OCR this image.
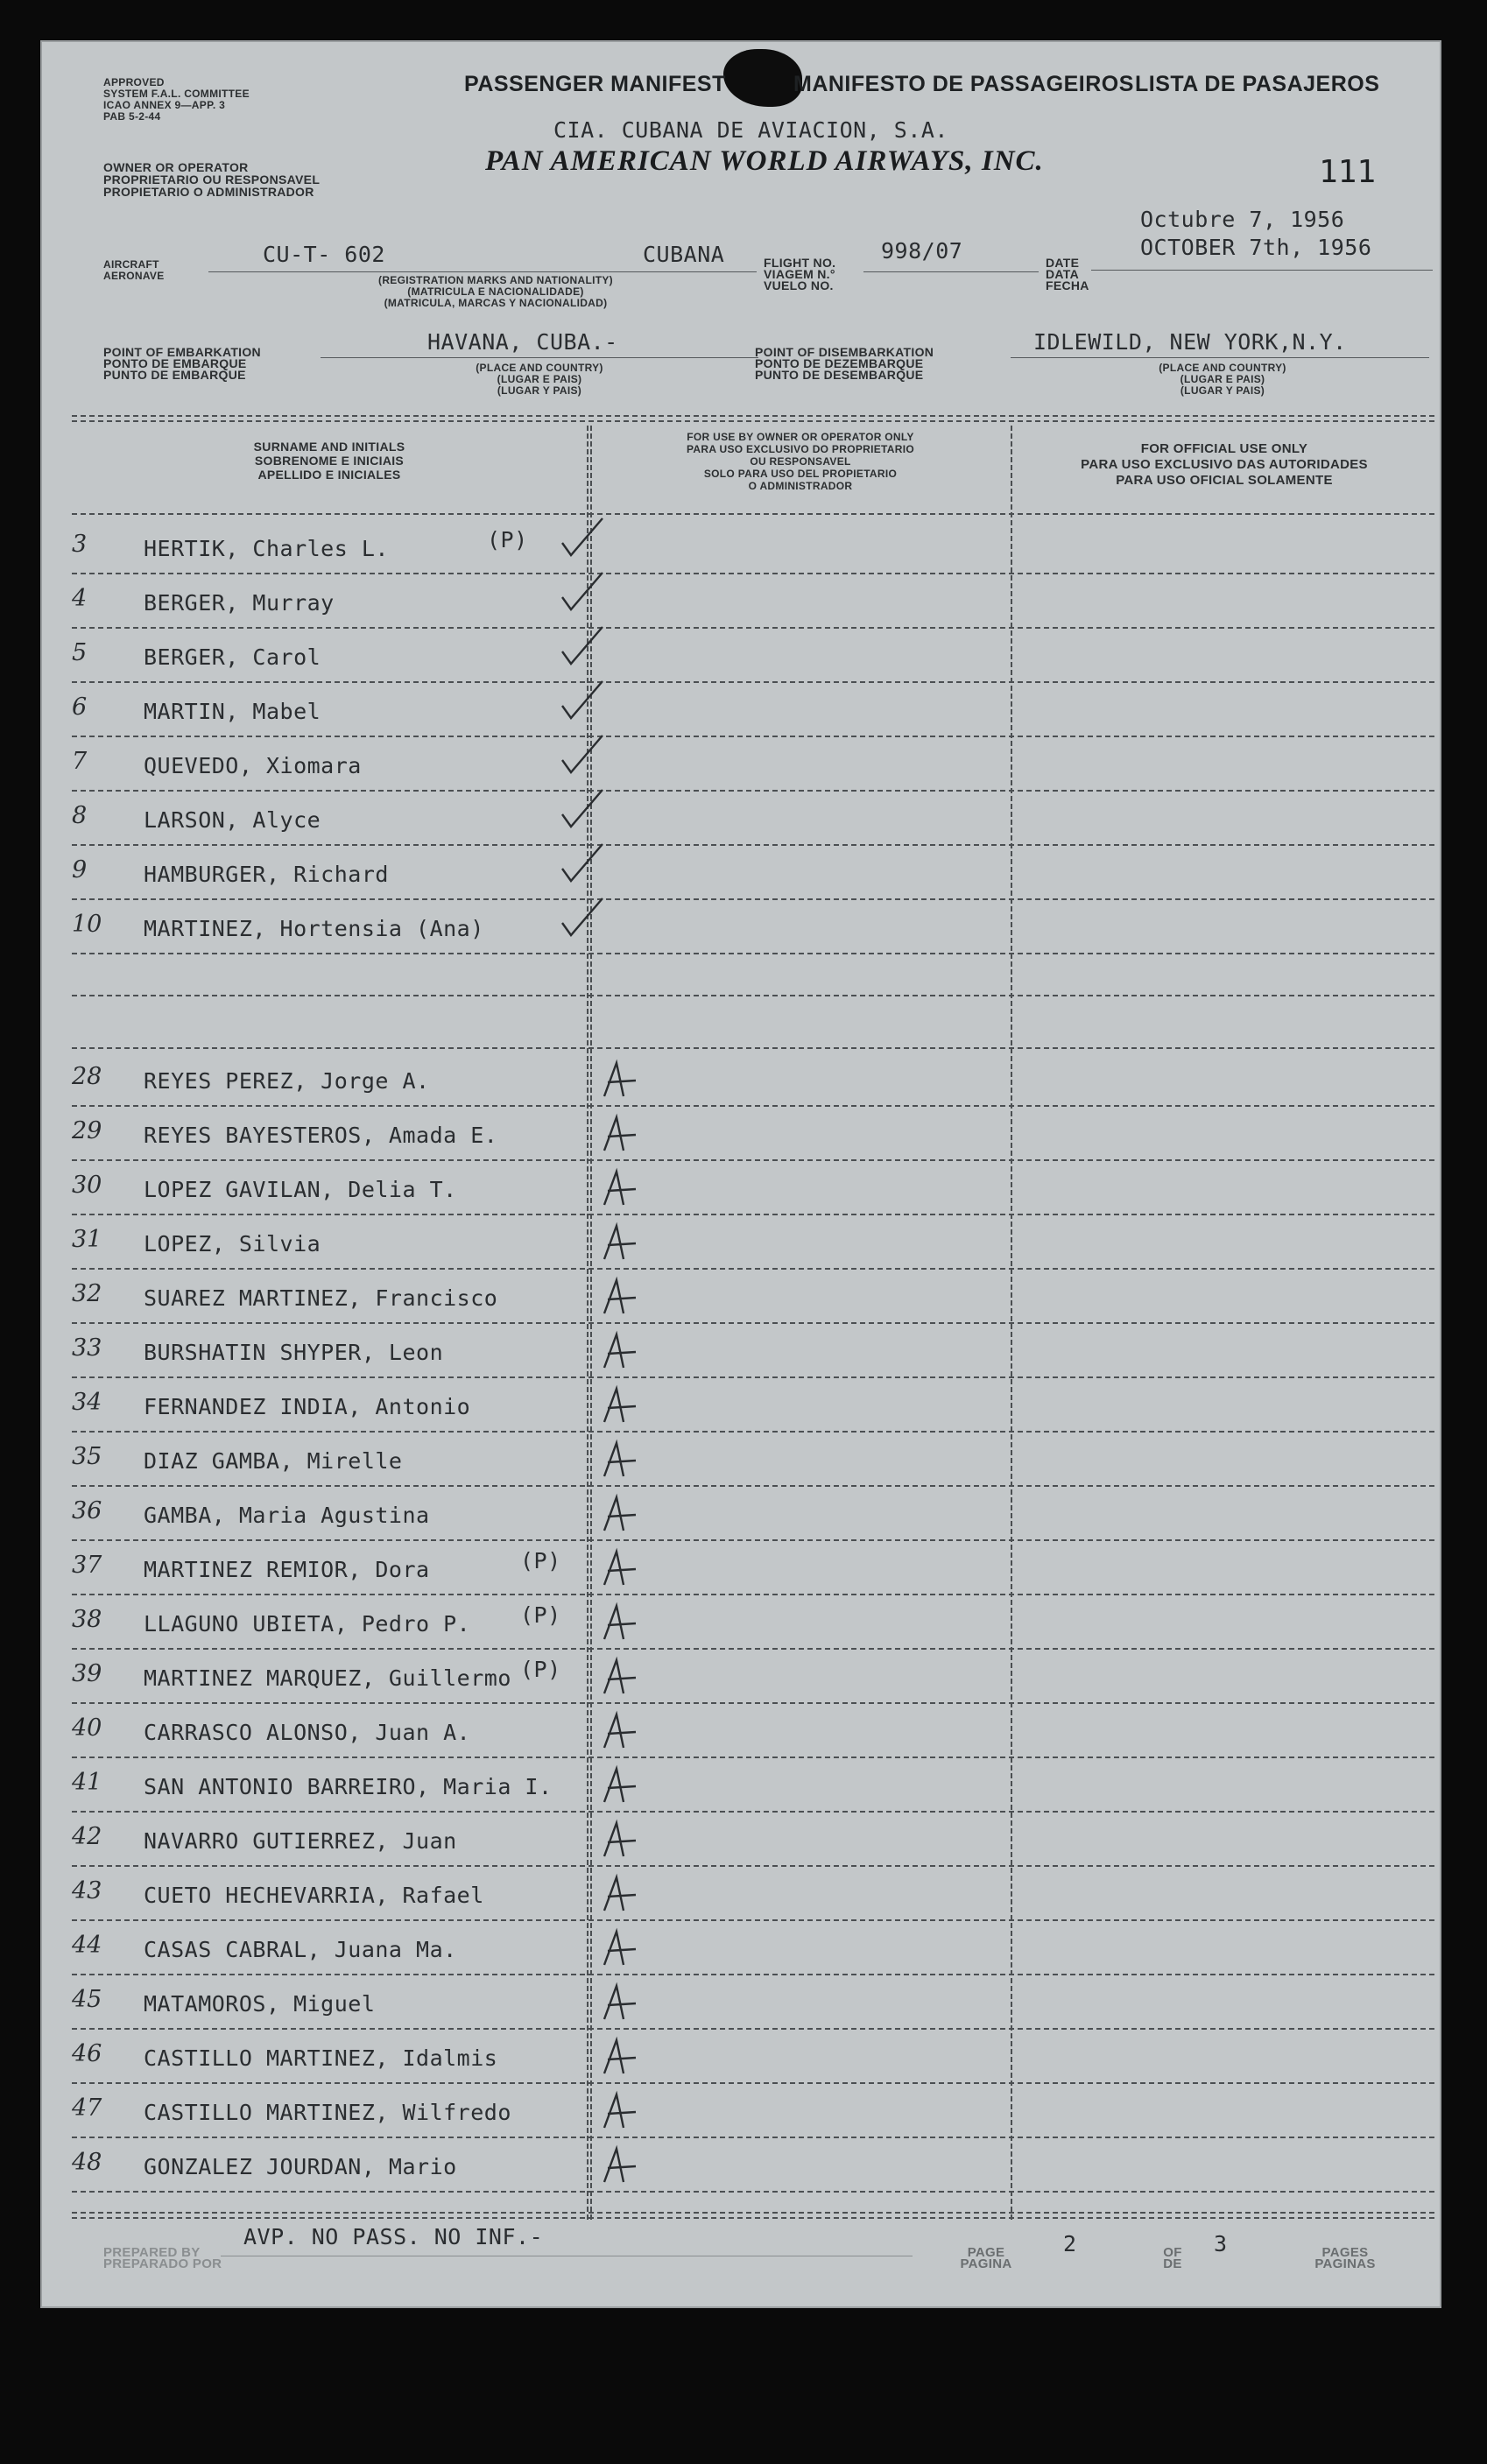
APPROVED
SYSTEM F.A.L. COMMITTEE
ICAO ANNEX 9—APP. 3
PAB 5-2-44
PASSENGER MANIFEST	MANIFESTO DE PASSAGEIROS LISTA DE PASAJEROS
OWNER OR OPERATOR
PROPRIETARIO OU RESPONSAVEL
PROPIETARIO O ADMINISTRADOR
CIA. CUBANA DE AVIACION, S.A.
PAN AMERICAN WORLD AIRWAYS, INC.	111
Octubre 7, 1956
OCTOBER 7th, 1956
AIRCRAFT
AERONAVE
CU-T- 602	CUBANA
(REGISTRATION MARKS AND NATIONALITY)
(MATRICULA E NACIONALIDADE)
(MATRICULA, MARCAS Y NACIONALIDAD)
FLIGHT NO.
VIAGEM N.°
VUELO NO.
998/07	DATE
DATA
FECHA
POINT OF EMBARKATION
PONTO DE EMBARQUE
PUNTO DE EMBARQUE
HAVANA, CUBA.-
(PLACE AND COUNTRY)
(LUGAR E PAIS)
(LUGAR Y PAIS)
POINT OF DISEMBARKATION
PONTO DE DEZEMBARQUE
PUNTO DE DESEMBARQUE
IDLEWILD, NEW YORK,N.Y.
(PLACE AND COUNTRY)
(LUGAR E PAIS)
(LUGAR Y PAIS)
SURNAME AND INITIALS
SOBRENOME E INICIAIS
APELLIDO E INICIALES
FOR USE BY OWNER OR OPERATOR ONLY
PARA USO EXCLUSIVO DO PROPRIETARIO
OU RESPONSAVEL
SOLO PARA USO DEL PROPIETARIO
O ADMINISTRADOR
FOR OFFICIAL USE ONLY
PARA USO EXCLUSIVO DAS AUTORIDADES
PARA USO OFICIAL SOLAMENTE
3	HERTIK, Charles L.	(P)
4	BERGER, Murray
5	BERGER, Carol
6	MARTIN, Mabel
7	QUEVEDO, Xiomara
8	LARSON, Alyce
9	HAMBURGER, Richard
10	MARTINEZ, Hortensia (Ana)
28	REYES PEREZ, Jorge A.
29	REYES BAYESTEROS, Amada E.
30	LOPEZ GAVILAN, Delia T.
31	LOPEZ, Silvia
32	SUAREZ MARTINEZ, Francisco
33	BURSHATIN SHYPER, Leon
34	FERNANDEZ INDIA, Antonio
35	DIAZ GAMBA, Mirelle
36	GAMBA, Maria Agustina
37	MARTINEZ REMIOR, Dora	(P)
38	LLAGUNO UBIETA, Pedro P. (P)
39	MARTINEZ MARQUEZ, Guillermo (P)
40	CARRASCO ALONSO, Juan A.
41	SAN ANTONIO BARREIRO, Maria I.
42	NAVARRO GUTIERREZ, Juan
43	CUETO HECHEVARRIA, Rafael
44	CASAS CABRAL, Juana Ma.
45	MATAMOROS, Miguel
46	CASTILLO MARTINEZ, Idalmis
47	CASTILLO MARTINEZ, Wilfredo
48	GONZALEZ JOURDAN, Mario
PREPARED BY
PREPARADO POR
AVP. NO PASS. NO INF.-
PAGE
PAGINA
2	OF
DE
3	PAGES
PAGINAS
